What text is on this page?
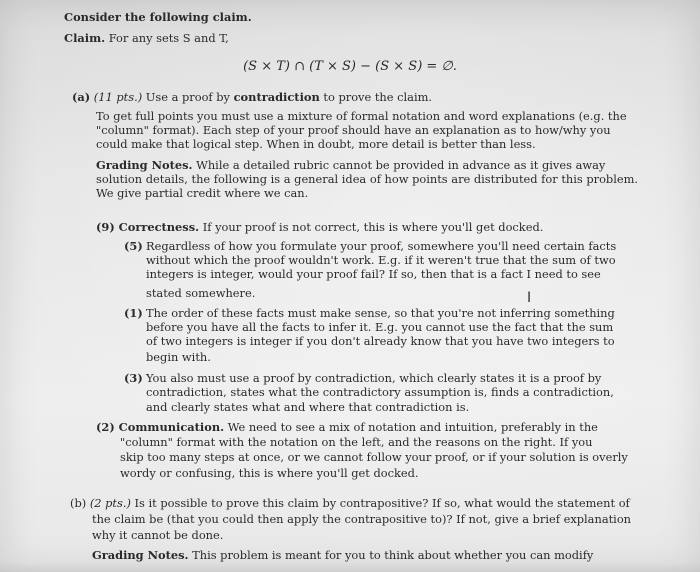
Consider the following claim.
Claim. For any sets S and T,
(S × T) ∩ (T × S) − (S × S) = ∅.
(a) (11 pts.) Use a proof by contradiction to prove the claim.
To get full points you must use a mixture of formal notation and word explanations (e.g. the
"column" format). Each step of your proof should have an explanation as to how/why you
could make that logical step. When in doubt, more detail is better than less.
Grading Notes. While a detailed rubric cannot be provided in advance as it gives away
solution details, the following is a general idea of how points are distributed for this problem.
We give partial credit where we can.
(9) Correctness. If your proof is not correct, this is where you'll get docked.
(5) Regardless of how you formulate your proof, somewhere you'll need certain facts
without which the proof wouldn't work. E.g. if it weren't true that the sum of two
integers is integer, would your proof fail? If so, then that is a fact I need to see
stated somewhere.
(1) The order of these facts must make sense, so that you're not inferring something
before you have all the facts to infer it. E.g. you cannot use the fact that the sum
of two integers is integer if you don't already know that you have two integers to
begin with.
(3) You also must use a proof by contradiction, which clearly states it is a proof by
contradiction, states what the contradictory assumption is, finds a contradiction,
and clearly states what and where that contradiction is.
(2) Communication. We need to see a mix of notation and intuition, preferably in the
"column" format with the notation on the left, and the reasons on the right. If you
skip too many steps at once, or we cannot follow your proof, or if your solution is overly
wordy or confusing, this is where you'll get docked.
(b) (2 pts.) Is it possible to prove this claim by contrapositive? If so, what would the statement of
the claim be (that you could then apply the contrapositive to)? If not, give a brief explanation
why it cannot be done.
Grading Notes. This problem is meant for you to think about whether you can modify
I
